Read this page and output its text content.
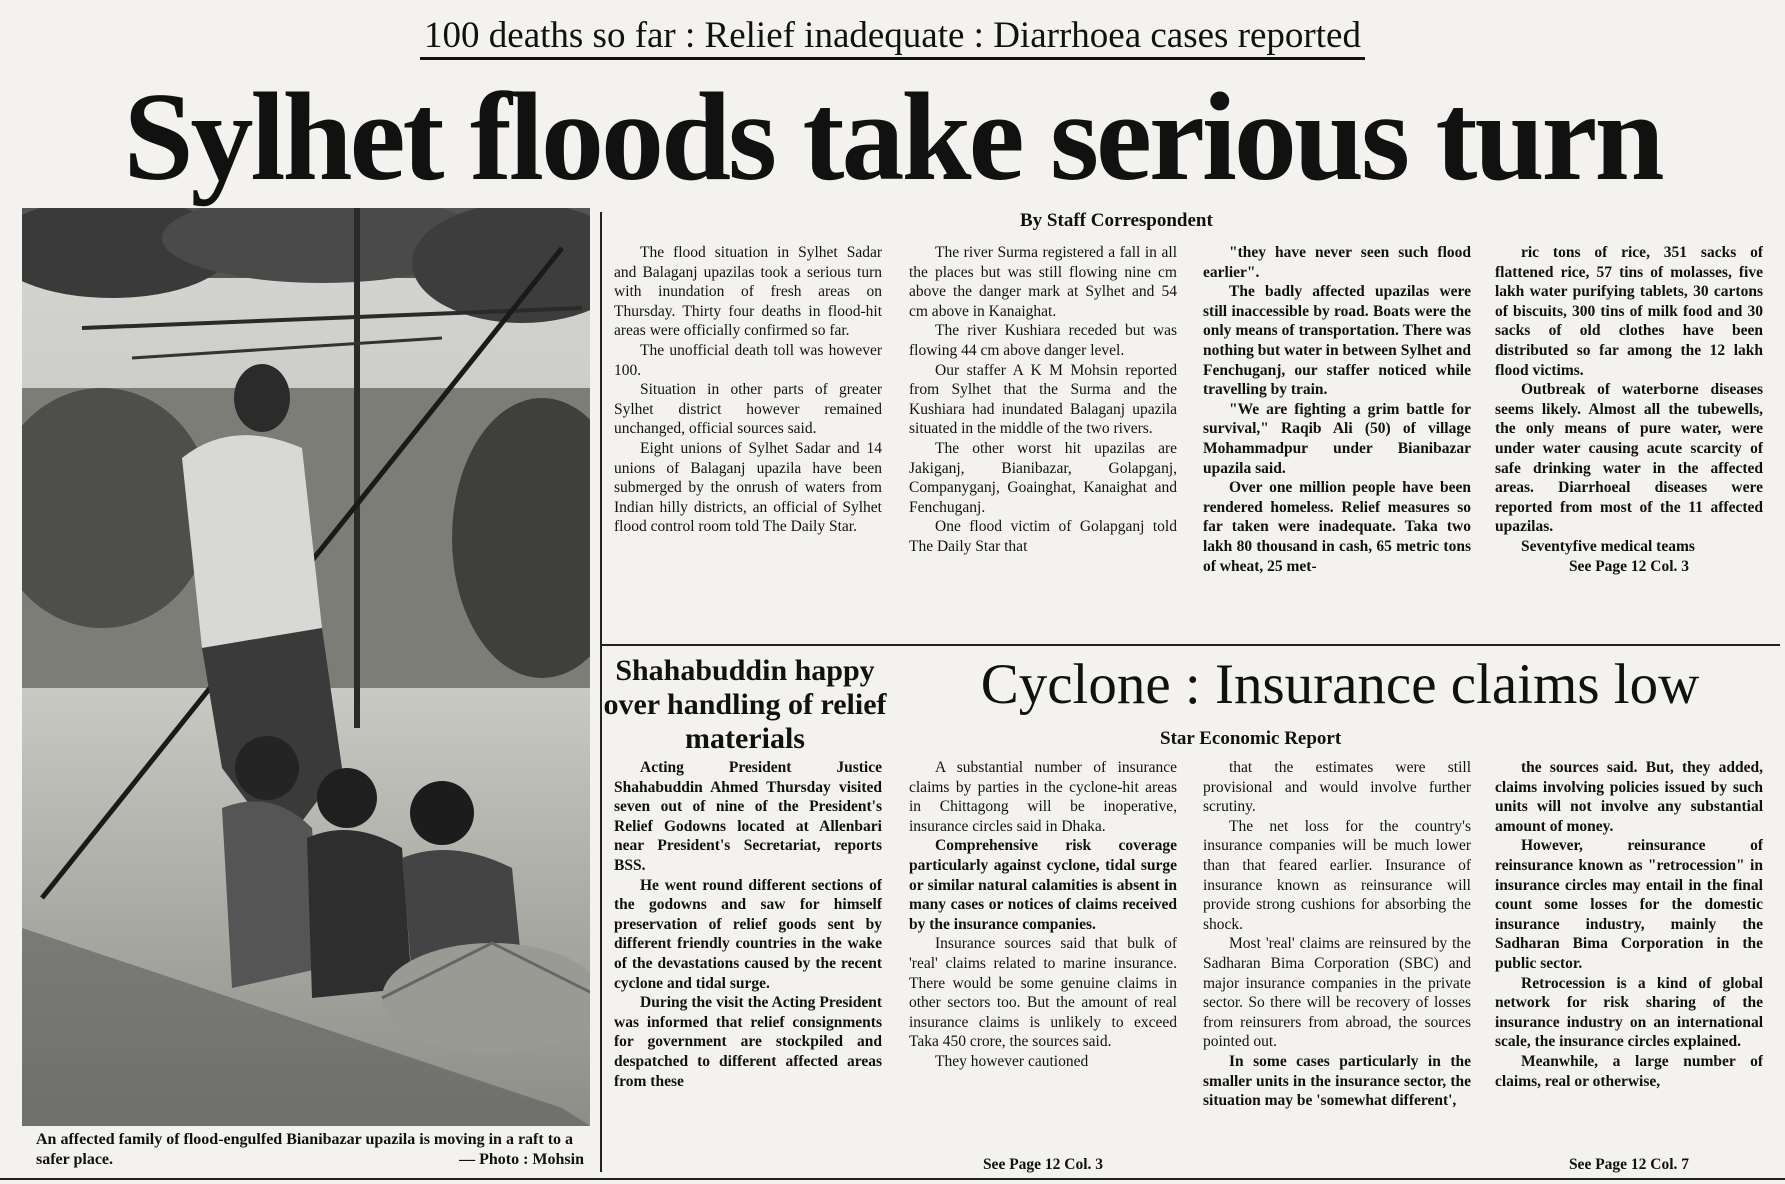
100 deaths so far : Relief inadequate : Diarrhoea cases reported
Sylhet floods take serious turn
By Staff Correspondent
An affected family of flood-engulfed Bianibazar upazila is moving in a raft to a safer place.	— Photo : Mohsin

The flood situation in Sylhet Sadar and Balaganj upazilas took a serious turn with inundation of fresh areas on Thursday. Thirty four deaths in flood-hit areas were officially confirmed so far.

The unofficial death toll was however 100.

Situation in other parts of greater Sylhet district however remained unchanged, official sources said.

Eight unions of Sylhet Sadar and 14 unions of Balaganj upazila have been submerged by the onrush of waters from Indian hilly districts, an official of Sylhet flood control room told The Daily Star.

The river Surma registered a fall in all the places but was still flowing nine cm above the danger mark at Sylhet and 54 cm above in Kanaighat.

The river Kushiara receded but was flowing 44 cm above danger level.

Our staffer A K M Mohsin reported from Sylhet that the Surma and the Kushiara had inundated Balaganj upazila situated in the middle of the two rivers.

The other worst hit upazilas are Jakiganj, Bianibazar, Golapganj, Companyganj, Goainghat, Kanaighat and Fenchuganj.

One flood victim of Golapganj told The Daily Star that

"they have never seen such flood earlier".

The badly affected upazilas were still inaccessible by road. Boats were the only means of transportation. There was nothing but water in between Sylhet and Fenchuganj, our staffer noticed while travelling by train.

"We are fighting a grim battle for survival," Raqib Ali (50) of village Mohammadpur under Bianibazar upazila said.

Over one million people have been rendered homeless. Relief measures so far taken were inadequate. Taka two lakh 80 thousand in cash, 65 metric tons of wheat, 25 met-

ric tons of rice, 351 sacks of flattened rice, 57 tins of molasses, five lakh water purifying tablets, 30 cartons of biscuits, 300 tins of milk food and 30 sacks of old clothes have been distributed so far among the 12 lakh flood victims.

Outbreak of waterborne diseases seems likely. Almost all the tubewells, the only means of pure water, were under water causing acute scarcity of safe drinking water in the affected areas. Diarrhoeal diseases were reported from most of the 11 affected upazilas.

Seventyfive medical teams

See Page 12 Col. 3

Shahabuddin happy over handling of relief materials

Acting President Justice Shahabuddin Ahmed Thursday visited seven out of nine of the President's Relief Godowns located at Allenbari near President's Secretariat, reports BSS.

He went round different sections of the godowns and saw for himself preservation of relief goods sent by different friendly countries in the wake of the devastations caused by the recent cyclone and tidal surge.

During the visit the Acting President was informed that relief consignments for government are stockpiled and despatched to different affected areas from these

Cyclone : Insurance claims low
Star Economic Report

A substantial number of insurance claims by parties in the cyclone-hit areas in Chittagong will be inoperative, insurance circles said in Dhaka.

Comprehensive risk coverage particularly against cyclone, tidal surge or similar natural calamities is absent in many cases or notices of claims received by the insurance companies.

Insurance sources said that bulk of 'real' claims related to marine insurance. There would be some genuine claims in other sectors too. But the amount of real insurance claims is unlikely to exceed Taka 450 crore, the sources said.

They however cautioned

that the estimates were still provisional and would involve further scrutiny.

The net loss for the country's insurance companies will be much lower than that feared earlier. Insurance of insurance known as reinsurance will provide strong cushions for absorbing the shock.

Most 'real' claims are reinsured by the Sadharan Bima Corporation (SBC) and major insurance companies in the private sector. So there will be recovery of losses from reinsurers from abroad, the sources pointed out.

In some cases particularly in the smaller units in the insurance sector, the situation may be 'somewhat different',

the sources said. But, they added, claims involving policies issued by such units will not involve any substantial amount of money.

However, reinsurance of reinsurance known as "retrocession" in insurance circles may entail in the final count some losses for the domestic insurance industry, mainly the Sadharan Bima Corporation in the public sector.

Retrocession is a kind of global network for risk sharing of the insurance industry on an international scale, the insurance circles explained.

Meanwhile, a large number of claims, real or otherwise,

See Page 12 Col. 3	See Page 12 Col. 7
